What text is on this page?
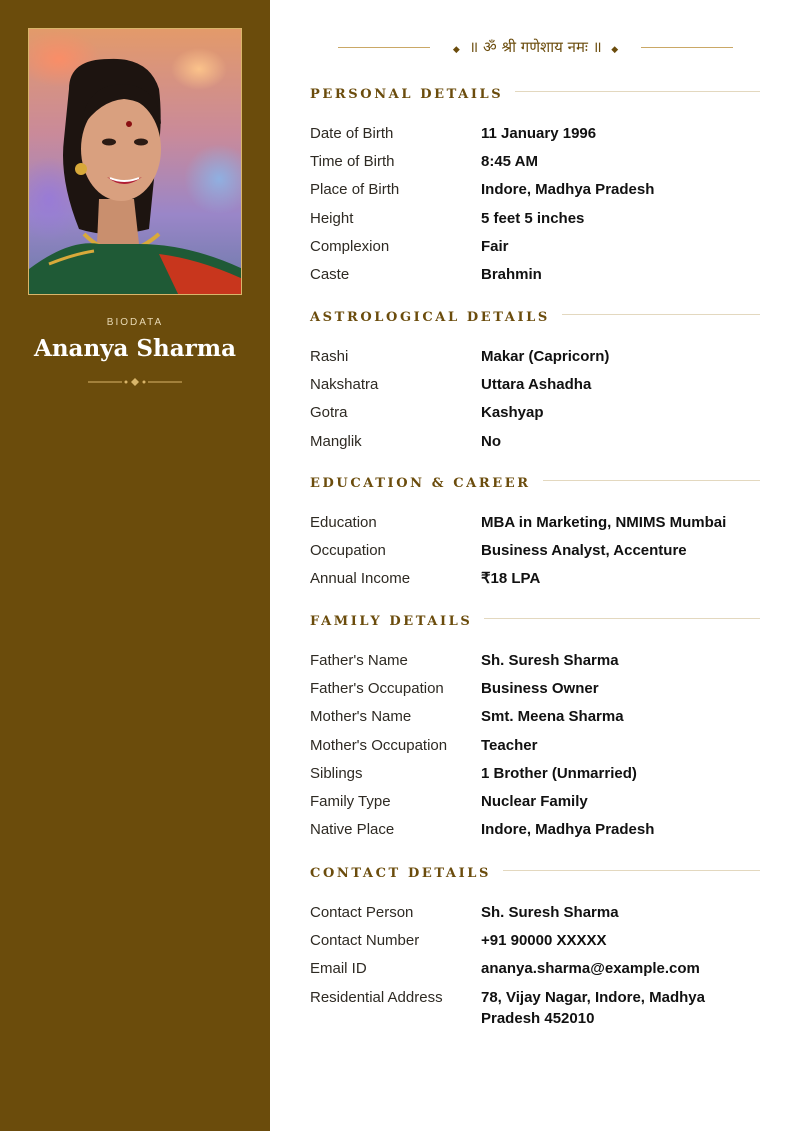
BIODATA
Ananya Sharma
◆ ॥ ॐ श्री गणेशाय नमः ॥ ◆
PERSONAL DETAILS
Date of Birth	11 January 1996
Time of Birth	8:45 AM
Place of Birth	Indore, Madhya Pradesh
Height	5 feet 5 inches
Complexion	Fair
Caste	Brahmin
ASTROLOGICAL DETAILS
Rashi	Makar (Capricorn)
Nakshatra	Uttara Ashadha
Gotra	Kashyap
Manglik	No
EDUCATION & CAREER
Education	MBA in Marketing, NMIMS Mumbai
Occupation	Business Analyst, Accenture
Annual Income	₹18 LPA
FAMILY DETAILS
Father's Name	Sh. Suresh Sharma
Father's Occupation	Business Owner
Mother's Name	Smt. Meena Sharma
Mother's Occupation	Teacher
Siblings	1 Brother (Unmarried)
Family Type	Nuclear Family
Native Place	Indore, Madhya Pradesh
CONTACT DETAILS
Contact Person	Sh. Suresh Sharma
Contact Number	+91 90000 XXXXX
Email ID	ananya.sharma@example.com
Residential Address	78, Vijay Nagar, Indore, Madhya Pradesh 452010
